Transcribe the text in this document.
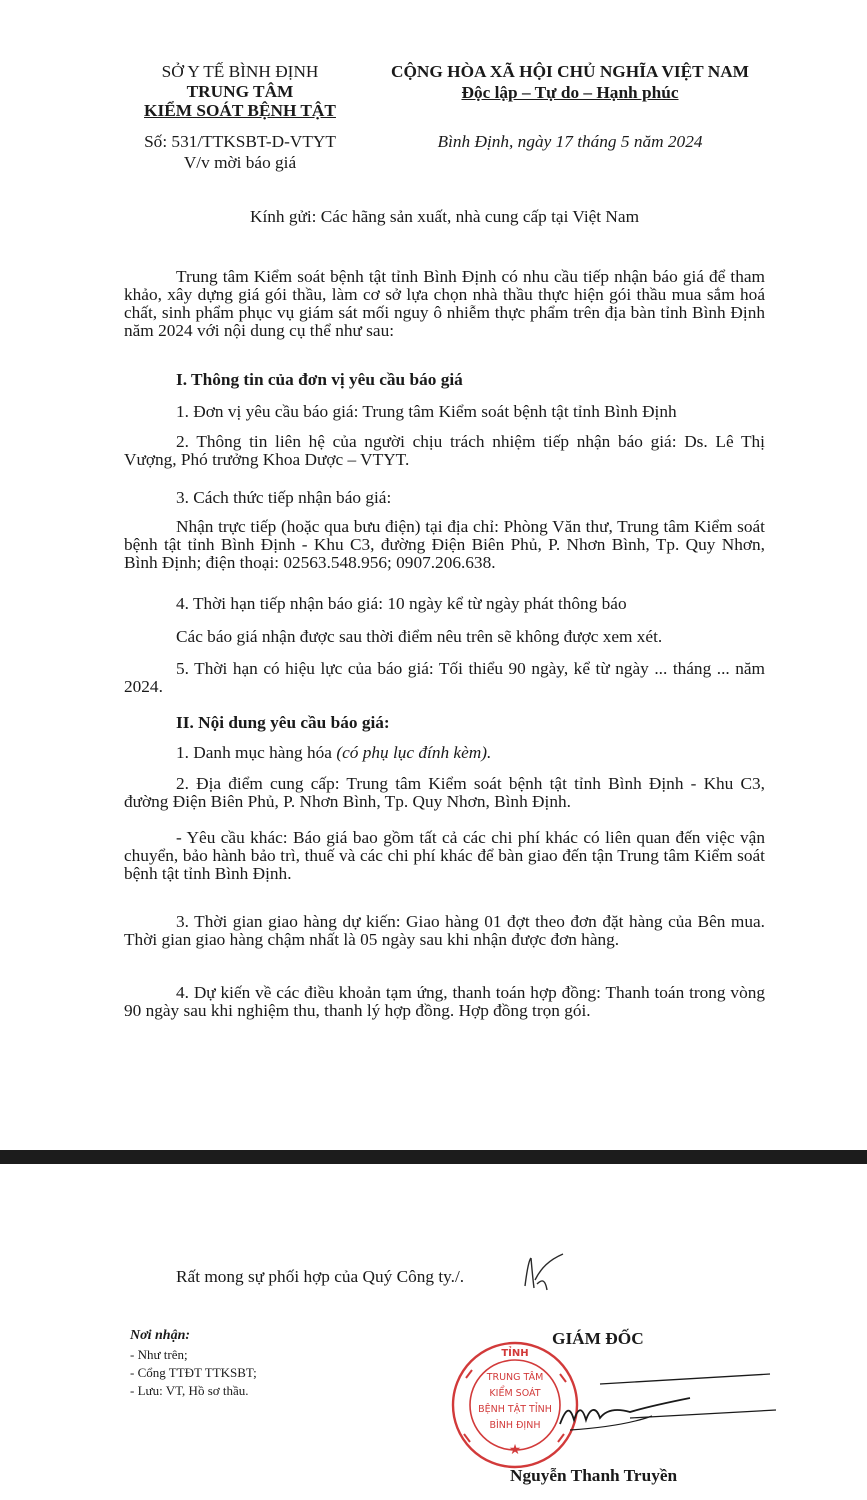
SỞ Y TẾ BÌNH ĐỊNH
TRUNG TÂM
KIỂM SOÁT BỆNH TẬT
Số: 531/TTKSBT-D-VTYT
V/v mời báo giá
CỘNG HÒA XÃ HỘI CHỦ NGHĨA VIỆT NAM
Độc lập – Tự do – Hạnh phúc
Bình Định, ngày 17 tháng 5 năm 2024
Kính gửi: Các hãng sản xuất, nhà cung cấp tại Việt Nam

Trung tâm Kiểm soát bệnh tật tỉnh Bình Định có nhu cầu tiếp nhận báo giá để tham khảo, xây dựng giá gói thầu, làm cơ sở lựa chọn nhà thầu thực hiện gói thầu mua sắm hoá chất, sinh phẩm phục vụ giám sát mối nguy ô nhiễm thực phẩm trên địa bàn tỉnh Bình Định năm 2024 với nội dung cụ thể như sau:

I. Thông tin của đơn vị yêu cầu báo giá
1. Đơn vị yêu cầu báo giá: Trung tâm Kiểm soát bệnh tật tỉnh Bình Định

2. Thông tin liên hệ của người chịu trách nhiệm tiếp nhận báo giá: Ds. Lê Thị Vượng, Phó trưởng Khoa Dược – VTYT.

3. Cách thức tiếp nhận báo giá:

Nhận trực tiếp (hoặc qua bưu điện) tại địa chỉ: Phòng Văn thư, Trung tâm Kiểm soát bệnh tật tỉnh Bình Định - Khu C3, đường Điện Biên Phủ, P. Nhơn Bình, Tp. Quy Nhơn, Bình Định; điện thoại: 02563.548.956; 0907.206.638.

4. Thời hạn tiếp nhận báo giá: 10 ngày kể từ ngày phát thông báo
Các báo giá nhận được sau thời điểm nêu trên sẽ không được xem xét.

5. Thời hạn có hiệu lực của báo giá: Tối thiểu 90 ngày, kể từ ngày ... tháng ... năm 2024.

II. Nội dung yêu cầu báo giá:
1. Danh mục hàng hóa (có phụ lục đính kèm).

2. Địa điểm cung cấp: Trung tâm Kiểm soát bệnh tật tỉnh Bình Định - Khu C3, đường Điện Biên Phủ, P. Nhơn Bình, Tp. Quy Nhơn, Bình Định.

- Yêu cầu khác: Báo giá bao gồm tất cả các chi phí khác có liên quan đến việc vận chuyển, bảo hành bảo trì, thuế và các chi phí khác để bàn giao đến tận Trung tâm Kiểm soát bệnh tật tỉnh Bình Định.

3. Thời gian giao hàng dự kiến: Giao hàng 01 đợt theo đơn đặt hàng của Bên mua. Thời gian giao hàng chậm nhất là 05 ngày sau khi nhận được đơn hàng.

4. Dự kiến về các điều khoản tạm ứng, thanh toán hợp đồng: Thanh toán trong vòng 90 ngày sau khi nghiệm thu, thanh lý hợp đồng. Hợp đồng trọn gói.

Rất mong sự phối hợp của Quý Công ty./.
Nơi nhận:
- Như trên;
- Cổng TTĐT TTKSBT;
- Lưu: VT, Hồ sơ thầu.
GIÁM ĐỐC
TỈNH
TRUNG TÂM
KIỂM SOÁT
BỆNH TẬT TỈNH
BÌNH ĐỊNH
★
Nguyễn Thanh Truyền
